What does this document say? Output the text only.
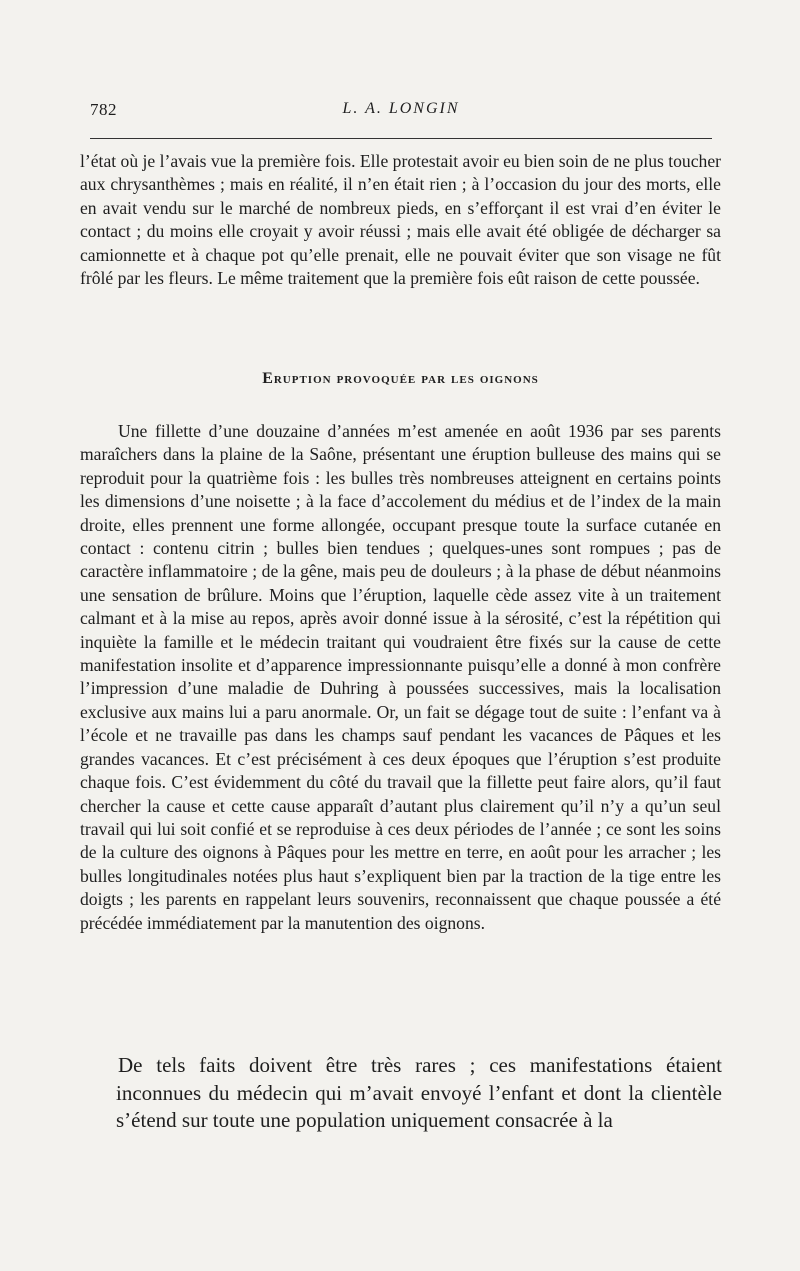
782	L. A. LONGIN

l’état où je l’avais vue la première fois. Elle protestait avoir eu bien soin de ne plus toucher aux chrysanthèmes ; mais en réalité, il n’en était rien ; à l’occasion du jour des morts, elle en avait vendu sur le marché de nombreux pieds, en s’efforçant il est vrai d’en éviter le contact ; du moins elle croyait y avoir réussi ; mais elle avait été obligée de décharger sa camionnette et à chaque pot qu’elle prenait, elle ne pouvait éviter que son visage ne fût frôlé par les fleurs. Le même traitement que la première fois eût raison de cette poussée.

Eruption provoquée par les oignons

Une fillette d’une douzaine d’années m’est amenée en août 1936 par ses parents maraîchers dans la plaine de la Saône, présentant une éruption bulleuse des mains qui se reproduit pour la quatrième fois : les bulles très nombreuses atteignent en certains points les dimensions d’une noisette ; à la face d’accolement du médius et de l’index de la main droite, elles prennent une forme allongée, occupant presque toute la surface cutanée en contact : contenu citrin ; bulles bien tendues ; quelques-unes sont rompues ; pas de caractère inflammatoire ; de la gêne, mais peu de douleurs ; à la phase de début néanmoins une sensation de brûlure. Moins que l’éruption, laquelle cède assez vite à un traitement calmant et à la mise au repos, après avoir donné issue à la sérosité, c’est la répétition qui inquiète la famille et le médecin traitant qui voudraient être fixés sur la cause de cette manifestation insolite et d’apparence impressionnante puisqu’elle a donné à mon confrère l’impression d’une maladie de Duhring à poussées successives, mais la localisation exclusive aux mains lui a paru anormale. Or, un fait se dégage tout de suite : l’enfant va à l’école et ne travaille pas dans les champs sauf pendant les vacances de Pâques et les grandes vacances. Et c’est précisément à ces deux époques que l’éruption s’est produite chaque fois. C’est évidemment du côté du travail que la fillette peut faire alors, qu’il faut chercher la cause et cette cause apparaît d’autant plus clairement qu’il n’y a qu’un seul travail qui lui soit confié et se reproduise à ces deux périodes de l’année ; ce sont les soins de la culture des oignons à Pâques pour les mettre en terre, en août pour les arracher ; les bulles longitudinales notées plus haut s’expliquent bien par la traction de la tige entre les doigts ; les parents en rappelant leurs souvenirs, reconnaissent que chaque poussée a été précédée immédiatement par la manutention des oignons.

De tels faits doivent être très rares ; ces manifestations étaient inconnues du médecin qui m’avait envoyé l’enfant et dont la clientèle s’étend sur toute une population uniquement consacrée à la
